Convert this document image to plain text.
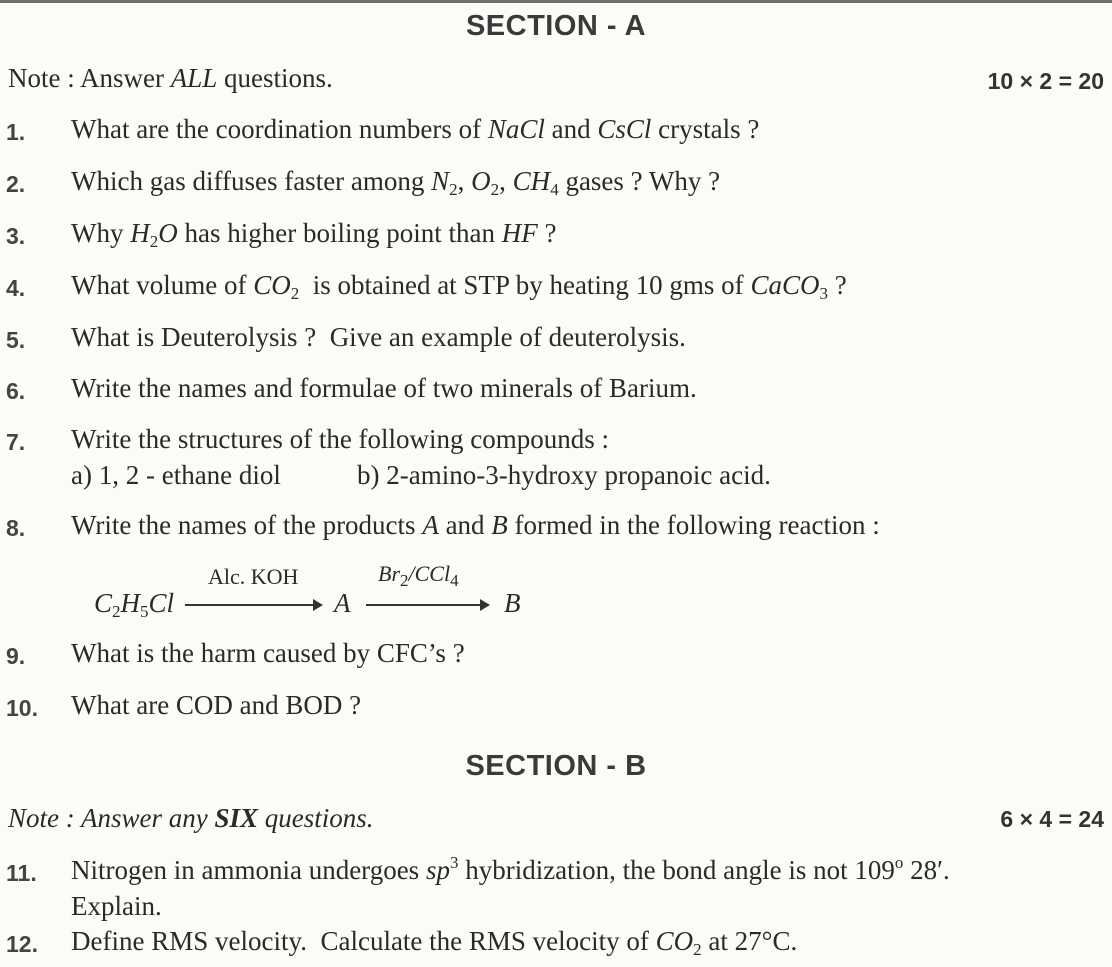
SECTION - A
Note : Answer ALL questions.	10 × 2 = 20
1. What are the coordination numbers of NaCl and CsCl crystals ?
2. Which gas diffuses faster among $N_2$, $O_2$, $CH_4$ gases ? Why ?
3. Why $H_2O$ has higher boiling point than HF ?
4. What volume of $CO_2$  is obtained at STP by heating 10 gms of CaCO$_3$ ?
5. What is Deuterolysis ?  Give an example of deuterolysis.
6. Write the names and formulae of two minerals of Barium.
7. Write the structures of the following compounds :
a) 1, 2 - ethane diol	b) 2-amino-3-hydroxy propanoic acid.
8. Write the names of the products A and B formed in the following reaction :
$C_2H_5Cl$
Alc. KOH
A
$Br_2/CCl_4$
B
9. What is the harm caused by CFC’s ?
10. What are COD and BOD ?
SECTION - B
Note : Answer any SIX questions.	6 × 4 = 24
11. Nitrogen in ammonia undergoes $sp^3$ hybridization, the bond angle is not 109$^o$ 28′.
Explain.
12. Define RMS velocity.  Calculate the RMS velocity of $CO_2$ at 27°C.
